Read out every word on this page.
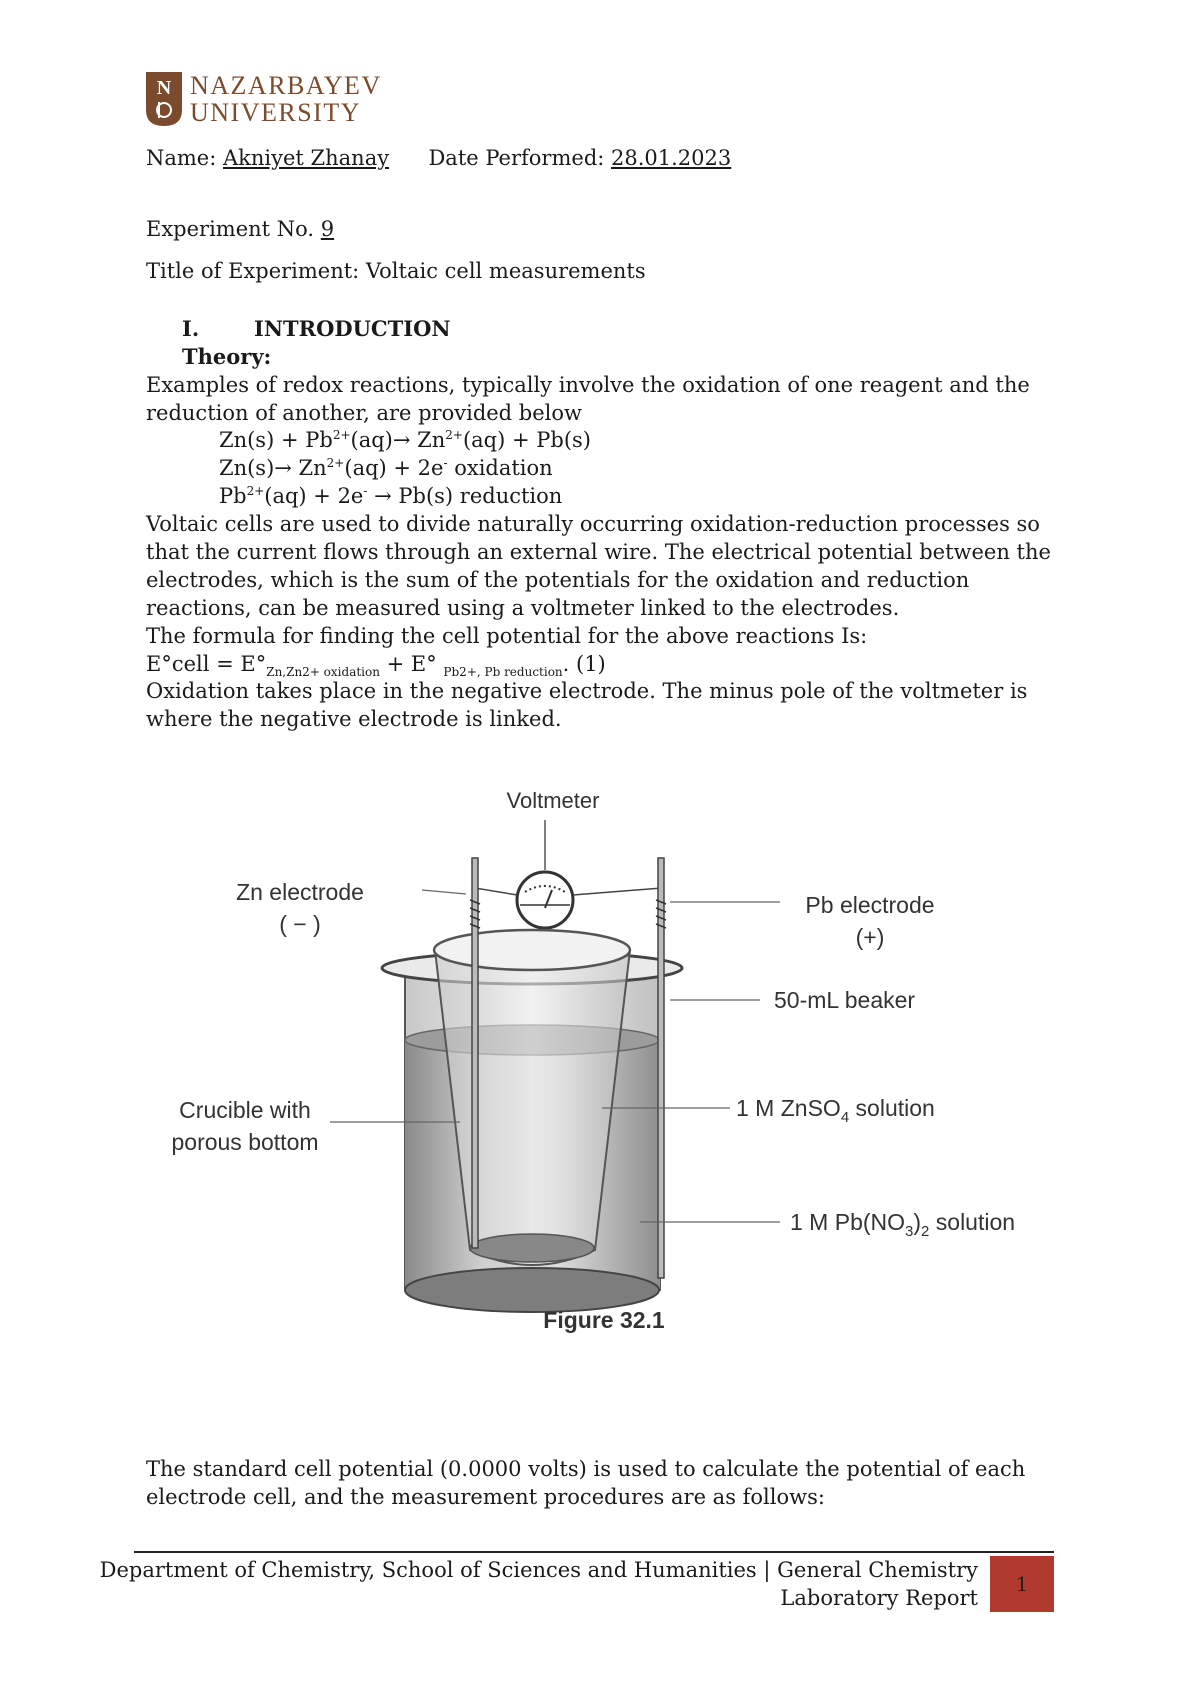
N NAZARBAYEV
UNIVERSITY
Name: Akniyet Zhanay Date Performed: 28.01.2023
Experiment No. 9
Title of Experiment: Voltaic cell measurements
I.	INTRODUCTION
Theory:
Examples of redox reactions, typically involve the oxidation of one reagent and the reduction of another, are provided below
$Zn(s) + Pb^{2+}(aq)\to Zn^{2+}(aq) + Pb(s)$
$Zn(s)\to Zn^{2+}(aq) + 2e^-$ oxidation
$Pb^{2+}(aq) + 2e^- \to Pb(s)$ reduction
Voltaic cells are used to divide naturally occurring oxidation-reduction processes so that the current flows through an external wire. The electrical potential between the electrodes, which is the sum of the potentials for the oxidation and reduction reactions, can be measured using a voltmeter linked to the electrodes.
The formula for finding the cell potential for the above reactions Is:
E°cell = $E^\circ_{Zn,Zn2+ oxidation} + E^\circ$ $_{Pb2+, Pb reduction}$. (1)
Oxidation takes place in the negative electrode. The minus pole of the voltmeter is where the negative electrode is linked.
Voltmeter
Zn electrode
( − )
Pb electrode
(+)
50-mL beaker
Crucible with
porous bottom
1 M ZnSO$_4$ solution
1 M $Pb(NO_3)_2$ solution
Figure 32.1
The standard cell potential (0.0000 volts) is used to calculate the potential of each electrode cell, and the measurement procedures are as follows:
Department of Chemistry, School of Sciences and Humanities | General Chemistry
Laboratory Report
1
